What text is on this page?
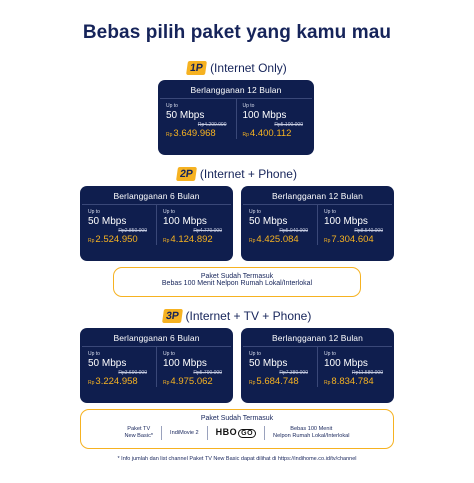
Bebas pilih paket yang kamu mau
1P (Internet Only)
Berlangganan 12 Bulan
Up to
50 Mbps
Rp4.200.000
Rp 3.649.968
Up to
100 Mbps
Rp5.100.000
Rp 4.400.112
2P (Internet + Phone)
Berlangganan 6 Bulan
Up to
50 Mbps
Rp2.850.000
Rp 2.524.950
Up to
100 Mbps
Rp4.770.000
Rp 4.124.892
Berlangganan 12 Bulan
Up to
50 Mbps
Rp5.040.000
Rp 4.425.084
Up to
100 Mbps
Rp8.540.000
Rp 7.304.604
Paket Sudah Termasuk
Bebas 100 Menit Nelpon Rumah Lokal/Interlokal
3P (Internet + TV + Phone)
Berlangganan 6 Bulan
Up to
50 Mbps
Rp3.690.000
Rp 3.224.958
Up to
100 Mbps
Rp5.790.000
Rp 4.975.062
Berlangganan 12 Bulan
Up to
50 Mbps
Rp7.380.000
Rp 5.684.748
Up to
100 Mbps
Rp11.580.000
Rp 8.834.784
Paket Sudah Termasuk
Paket TV
New Basic*
IndiMovie 2	HBO GO
Bebas 100 Menit
Nelpon Rumah Lokal/Interlokal
* Info jumlah dan list channel Paket TV New Basic dapat dilihat di https://indihome.co.id/tv/channel
